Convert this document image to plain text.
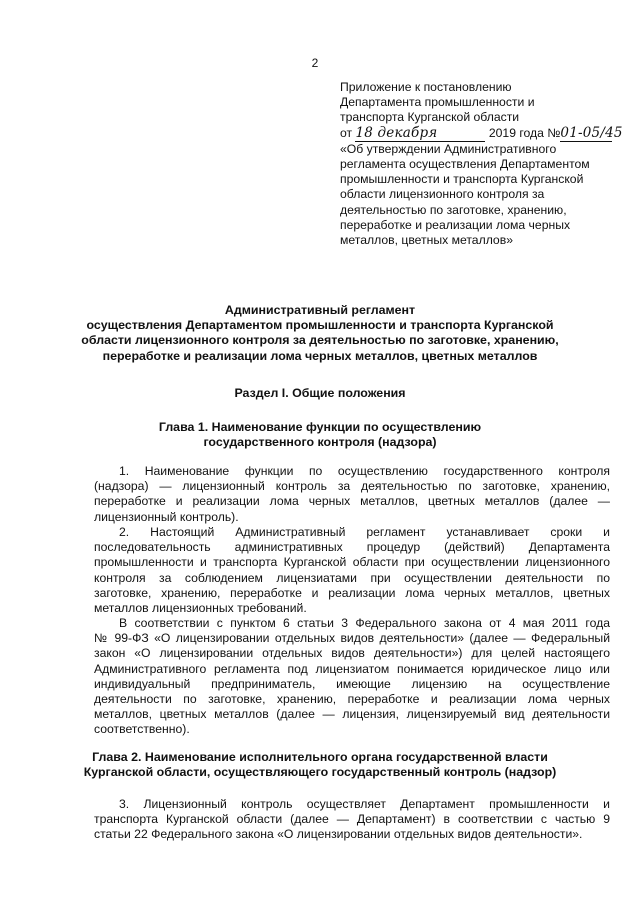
2
Приложение к постановлению
Департамента промышленности и
транспорта Курганской области
от 18 декабря	2019 года №01-05/45
«Об утверждении Административного
регламента осуществления Департаментом
промышленности и транспорта Курганской
области лицензионного контроля за
деятельностью по заготовке, хранению,
переработке и реализации лома черных
металлов, цветных металлов»
Административный регламент
осуществления Департаментом промышленности и транспорта Курганской
области лицензионного контроля за деятельностью по заготовке, хранению,
переработке и реализации лома черных металлов, цветных металлов
Раздел I. Общие положения
Глава 1. Наименование функции по осуществлению
государственного контроля (надзора)
1. Наименование функции по осуществлению государственного контроля
(надзора) — лицензионный контроль за деятельностью по заготовке, хранению,
переработке и реализации лома черных металлов, цветных металлов (далее —
лицензионный контроль).
2. Настоящий Административный регламент устанавливает сроки и
последовательность административных процедур (действий) Департамента
промышленности и транспорта Курганской области при осуществлении лицензионного
контроля за соблюдением лицензиатами при осуществлении деятельности по
заготовке, хранению, переработке и реализации лома черных металлов, цветных
металлов лицензионных требований.
В соответствии с пунктом 6 статьи 3 Федерального закона от 4 мая 2011 года
№ 99-ФЗ «О лицензировании отдельных видов деятельности» (далее — Федеральный
закон «О лицензировании отдельных видов деятельности») для целей настоящего
Административного регламента под лицензиатом понимается юридическое лицо или
индивидуальный предприниматель, имеющие лицензию на осуществление
деятельности по заготовке, хранению, переработке и реализации лома черных
металлов, цветных металлов (далее — лицензия, лицензируемый вид деятельности
соответственно).
Глава 2. Наименование исполнительного органа государственной власти
Курганской области, осуществляющего государственный контроль (надзор)
3. Лицензионный контроль осуществляет Департамент промышленности и
транспорта Курганской области (далее — Департамент) в соответствии с частью 9
статьи 22 Федерального закона «О лицензировании отдельных видов деятельности».
